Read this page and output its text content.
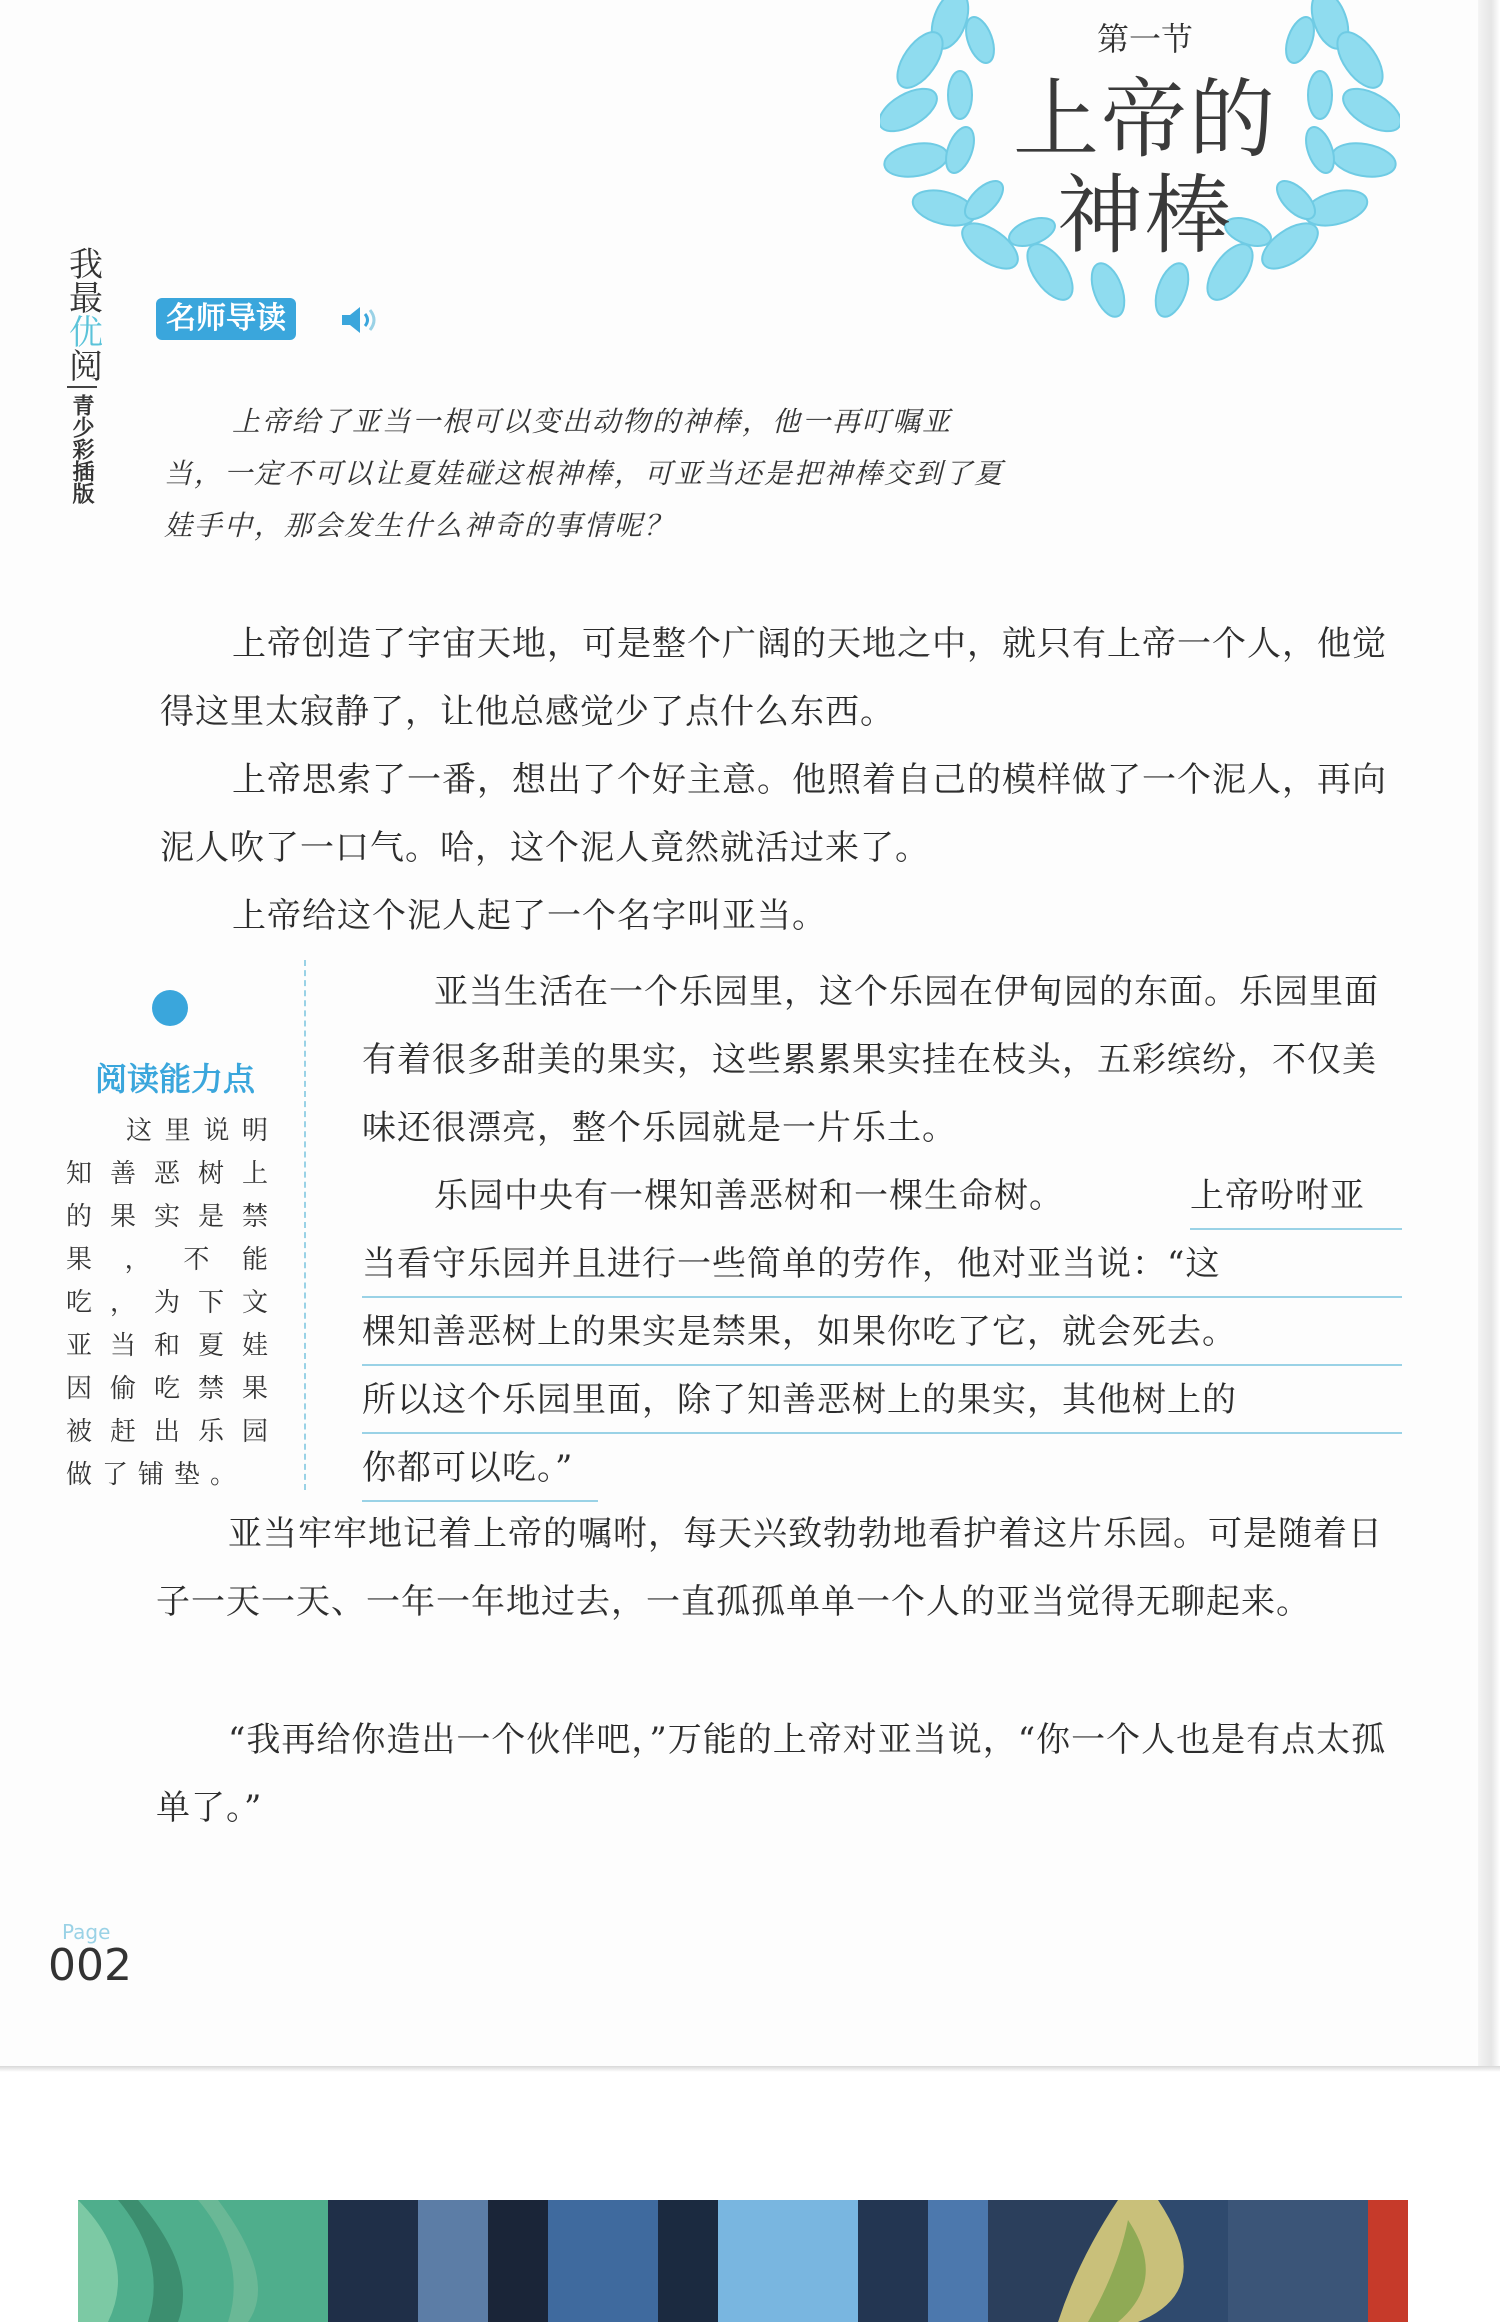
第一节
上帝的
神棒
我最优阅
青少彩插版
名师导读

上帝给了亚当一根可以变出动物的神棒，他一再叮嘱亚当，一定不可以让夏娃碰这根神棒，可亚当还是把神棒交到了夏娃手中，那会发生什么神奇的事情呢？

上帝创造了宇宙天地，可是整个广阔的天地之中，就只有上帝一个人，他觉得这里太寂静了，让他总感觉少了点什么东西。

上帝思索了一番，想出了个好主意。他照着自己的模样做了一个泥人，再向泥人吹了一口气。哈，这个泥人竟然就活过来了。

上帝给这个泥人起了一个名字叫亚当。

阅读能力点
这里说明知善恶树上的果实是禁果，不能吃，为下文亚当和夏娃因偷吃禁果被赶出乐园做了铺垫。

亚当生活在一个乐园里，这个乐园在伊甸园的东面。乐园里面有着很多甜美的果实，这些累累果实挂在枝头，五彩缤纷，不仅美味还很漂亮，整个乐园就是一片乐土。

乐园中央有一棵知善恶树和一棵生命树。	上帝吩咐亚
当看守乐园并且进行一些简单的劳作，他对亚当说：“这
棵知善恶树上的果实是禁果，如果你吃了它，就会死去。
所以这个乐园里面，除了知善恶树上的果实，其他树上的
你都可以吃。”

亚当牢牢地记着上帝的嘱咐，每天兴致勃勃地看护着这片乐园。可是随着日子一天一天、一年一年地过去，一直孤孤单单一个人的亚当觉得无聊起来。

“我再给你造出一个伙伴吧，”万能的上帝对亚当说，“你一个人也是有点太孤单了。”

Page
002
